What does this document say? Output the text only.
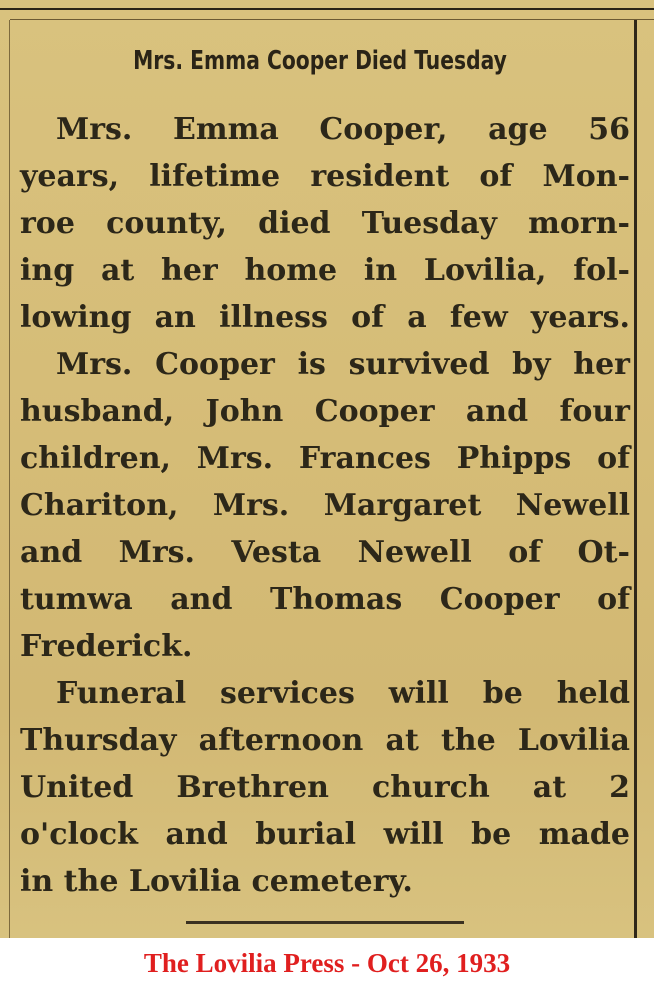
Mrs. Emma Cooper Died Tuesday
Mrs. Emma Cooper, age 56
years, lifetime resident of Mon-
roe county, died Tuesday morn-
ing at her home in Lovilia, fol-
lowing an illness of a few years.
Mrs. Cooper is survived by her
husband, John Cooper and four
children, Mrs. Frances Phipps of
Chariton, Mrs. Margaret Newell
and Mrs. Vesta Newell of Ot-
tumwa and Thomas Cooper of
Frederick.
Funeral services will be held
Thursday afternoon at the Lovilia
United Brethren church at 2
o'clock and burial will be made
in the Lovilia cemetery.
The Lovilia Press - Oct 26, 1933
